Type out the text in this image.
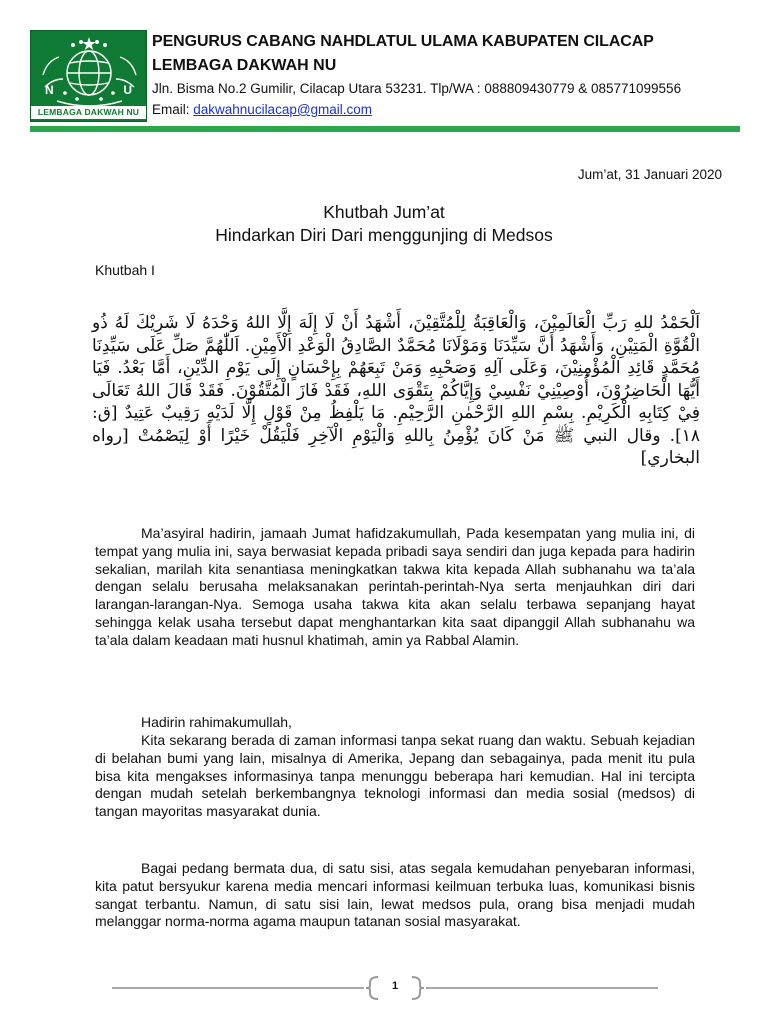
N	U
LEMBAGA DAKWAH NU
PENGURUS CABANG NAHDLATUL ULAMA KABUPATEN CILACAP
LEMBAGA DAKWAH NU
Jln. Bisma No.2 Gumilir, Cilacap Utara 53231. Tlp/WA : 088809430779 & 085771099556
Email: dakwahnucilacap@gmail.com
Jum’at, 31 Januari 2020
Khutbah Jum’at
Hindarkan Diri Dari menggunjing di Medsos
Khutbah I
اَلْحَمْدُ للهِ رَبِّ الْعَالَمِيْنَ، وَالْعَاقِبَةُ لِلْمُتَّقِيْنَ، أَشْهَدُ أَنْ لَا إِلَهَ إِلَّا اللهُ وَحْدَهُ لَا شَرِيْكَ لَهُ ذُو الْقُوَّةِ الْمَتِيْنِ، وَأَشْهَدُ أَنَّ سَيِّدَنَا وَمَوْلَانَا مُحَمَّدٌ الصَّادِقُ الْوَعْدِ الْأَمِيْنِ. اَللّٰهُمَّ صَلِّ عَلَى سَيِّدِنَا مُحَمَّدٍ قَائِدِ الْمُؤْمِنِيْنَ، وَعَلَى آلِهِ وَصَحْبِهِ وَمَنْ تَبِعَهُمْ بِإِحْسَانٍ إِلَى يَوْمِ الدِّيْنِ، أَمَّا بَعْدُ. فَيَا أَيُّهَا الْحَاضِرُوْنَ، أُوْصِيْنِيْ نَفْسِيْ وَإِيَّاكُمْ بِتَقْوَى اللهِ، فَقَدْ فَازَ الْمُتَّقُوْنَ. فَقَدْ قَالَ اللهُ تَعَالَى فِيْ كِتَابِهِ الْكَرِيْمِ. بِسْمِ اللهِ الرَّحْمٰنِ الرَّحِيْمِ. مَا يَلْفِظُ مِنْ قَوْلٍ إِلَّا لَدَيْهِ رَقِيبٌ عَتِيدٌ [ق: ١٨]. وقال النبي ﷺ مَنْ كَانَ يُؤْمِنُ بِاللهِ وَالْيَوْمِ الْآخِرِ فَلْيَقُلْ خَيْرًا أَوْ لِيَصْمُتْ [رواه البخاري]
Ma’asyiral hadirin, jamaah Jumat hafidzakumullah, Pada kesempatan yang mulia ini, di tempat yang mulia ini, saya berwasiat kepada pribadi saya sendiri dan juga kepada para hadirin sekalian, marilah kita senantiasa meningkatkan takwa kita kepada Allah subhanahu wa ta’ala dengan selalu berusaha melaksanakan perintah-perintah-Nya serta menjauhkan diri dari larangan-larangan-Nya. Semoga usaha takwa kita akan selalu terbawa sepanjang hayat sehingga kelak usaha tersebut dapat menghantarkan kita saat dipanggil Allah subhanahu wa ta’ala dalam keadaan mati husnul khatimah, amin ya Rabbal Alamin.
Hadirin rahimakumullah,
Kita sekarang berada di zaman informasi tanpa sekat ruang dan waktu. Sebuah kejadian di belahan bumi yang lain, misalnya di Amerika, Jepang dan sebagainya, pada menit itu pula bisa kita mengakses informasinya tanpa menunggu beberapa hari kemudian. Hal ini tercipta dengan mudah setelah berkembangnya teknologi informasi dan media sosial (medsos) di tangan mayoritas masyarakat dunia.
Bagai pedang bermata dua, di satu sisi, atas segala kemudahan penyebaran informasi, kita patut bersyukur karena media mencari informasi keilmuan terbuka luas, komunikasi bisnis sangat terbantu. Namun, di satu sisi lain, lewat medsos pula, orang bisa menjadi mudah melanggar norma-norma agama maupun tatanan sosial masyarakat.
1
